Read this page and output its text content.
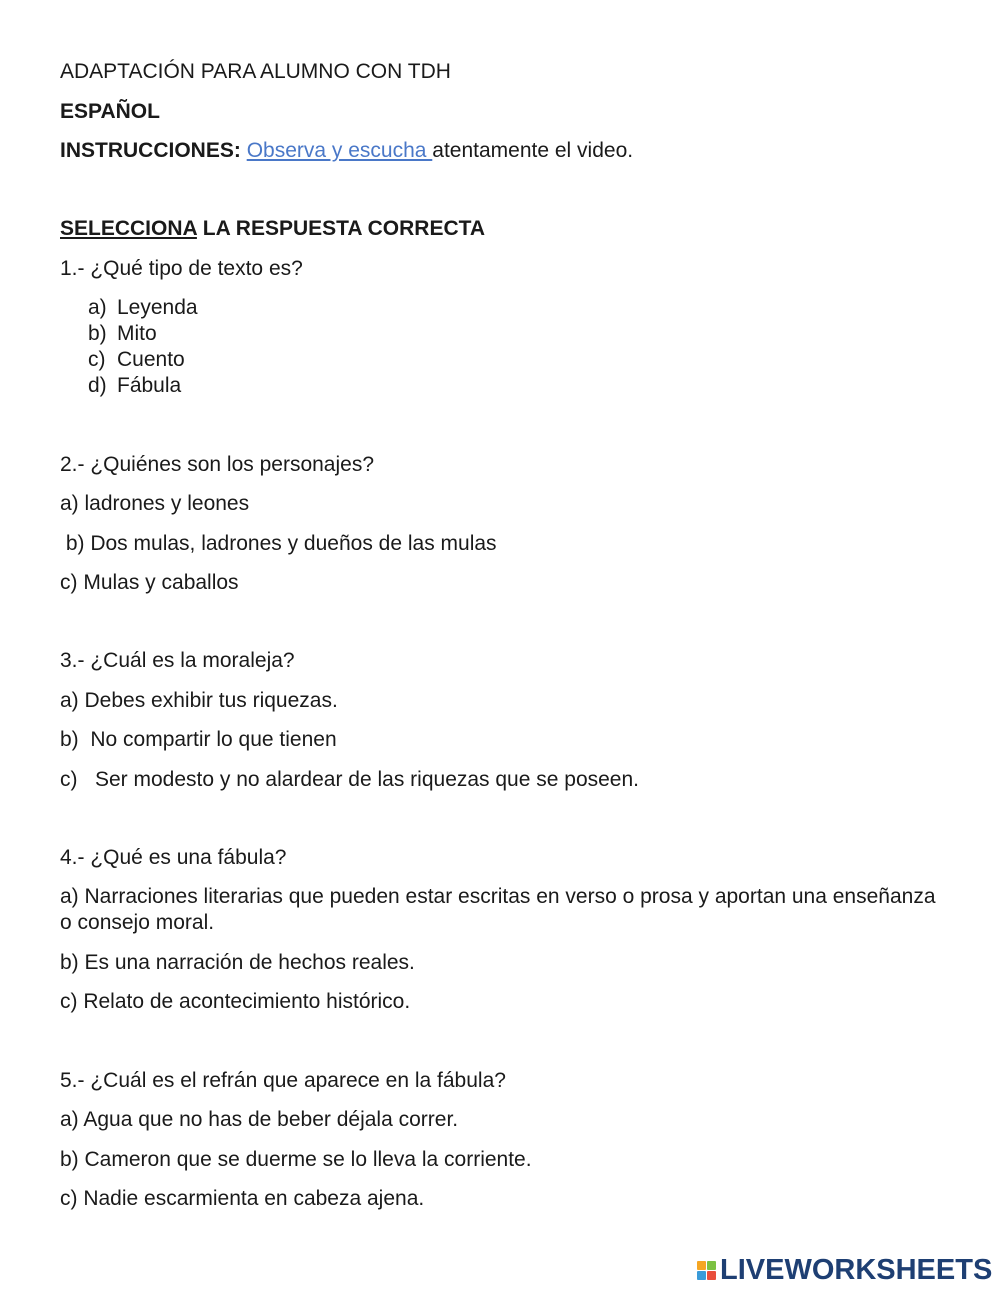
ADAPTACIÓN PARA ALUMNO CON TDH
ESPAÑOL
INSTRUCCIONES: Observa y escucha atentamente el video.
SELECCIONA LA RESPUESTA CORRECTA
1.- ¿Qué tipo de texto es?
a) Leyenda
b) Mito
c) Cuento
d) Fábula
2.- ¿Quiénes son los personajes?
a) ladrones y leones
b) Dos mulas, ladrones y dueños de las mulas
c) Mulas y caballos
3.- ¿Cuál es la moraleja?
a) Debes exhibir tus riquezas.
b)  No compartir lo que tienen
c)   Ser modesto y no alardear de las riquezas que se poseen.
4.- ¿Qué es una fábula?
a) Narraciones literarias que pueden estar escritas en verso o prosa y aportan una enseñanza o consejo moral.
b) Es una narración de hechos reales.
c) Relato de acontecimiento histórico.
5.- ¿Cuál es el refrán que aparece en la fábula?
a) Agua que no has de beber déjala correr.
b) Cameron que se duerme se lo lleva la corriente.
c) Nadie escarmienta en cabeza ajena.
LIVEWORKSHEETS
